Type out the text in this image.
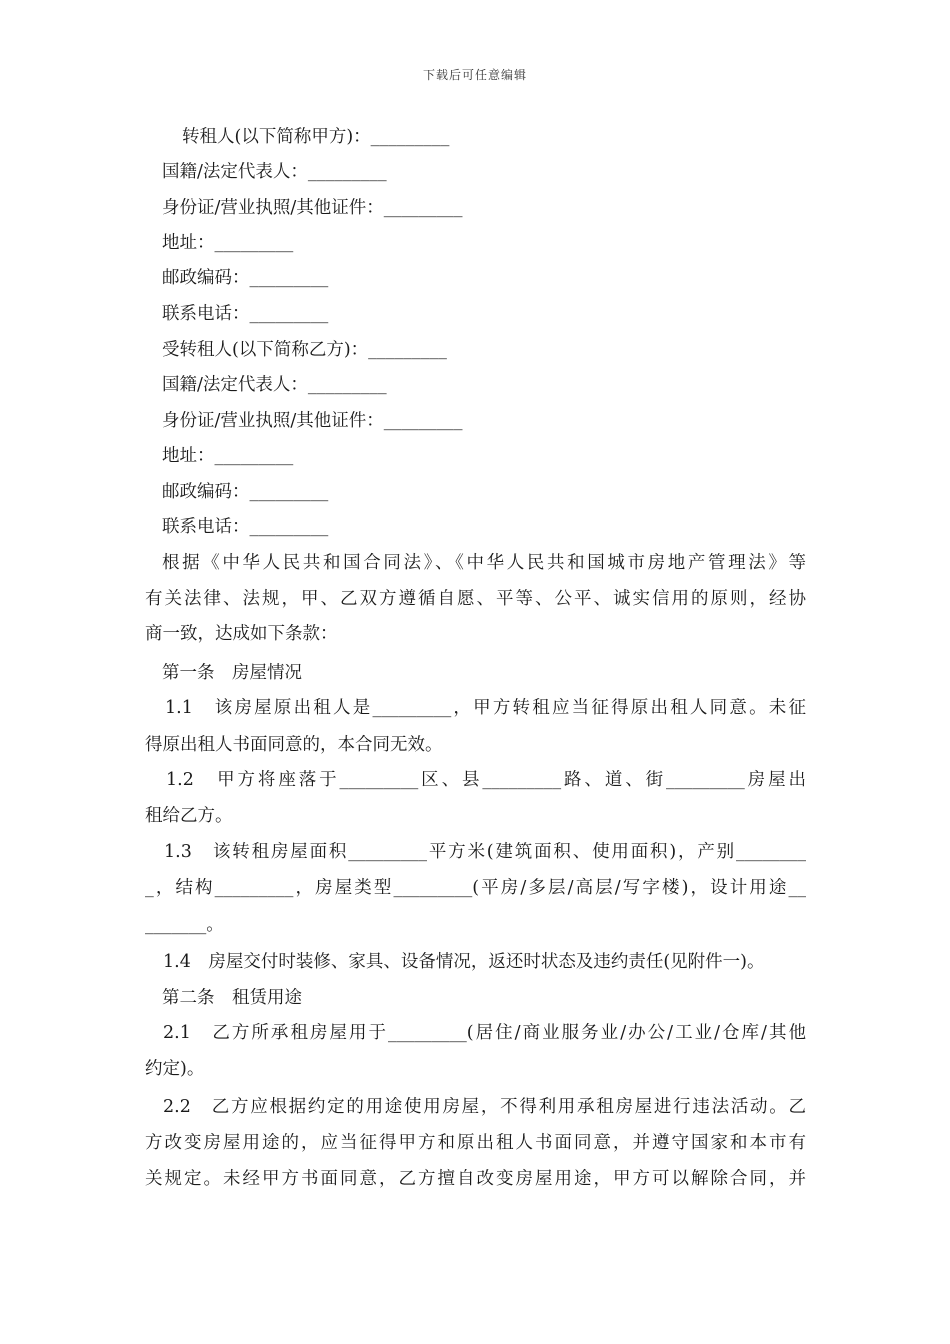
下载后可任意编辑
转租人(以下简称甲方)：_________
国籍/法定代表人：_________
身份证/营业执照/其他证件：_________
地址：_________
邮政编码：_________
联系电话：_________
受转租人(以下简称乙方)：_________
国籍/法定代表人：_________
身份证/营业执照/其他证件：_________
地址：_________
邮政编码：_________
联系电话：_________
根据《中华人民共和国合同法》、《中华人民共和国城市房地产管理法》等
有关法律、法规，甲、乙双方遵循自愿、平等、公平、诚实信用的原则，经协
商一致，达成如下条款：
第一条　房屋情况
1.1　该房屋原出租人是_________，甲方转租应当征得原出租人同意。未征
得原出租人书面同意的，本合同无效。
1.2　甲方将座落于_________区、县_________路、道、街_________房屋出
租给乙方。
1.3　该转租房屋面积_________平方米(建筑面积、使用面积)，产别________
_，结构_________，房屋类型_________(平房/多层/高层/写字楼)，设计用途__
_______。
1.4　房屋交付时装修、家具、设备情况，返还时状态及违约责任(见附件一)。
第二条　租赁用途
2.1　乙方所承租房屋用于_________(居住/商业服务业/办公/工业/仓库/其他
约定)。
2.2　乙方应根据约定的用途使用房屋，不得利用承租房屋进行违法活动。乙
方改变房屋用途的，应当征得甲方和原出租人书面同意，并遵守国家和本市有
关规定。未经甲方书面同意，乙方擅自改变房屋用途，甲方可以解除合同，并
